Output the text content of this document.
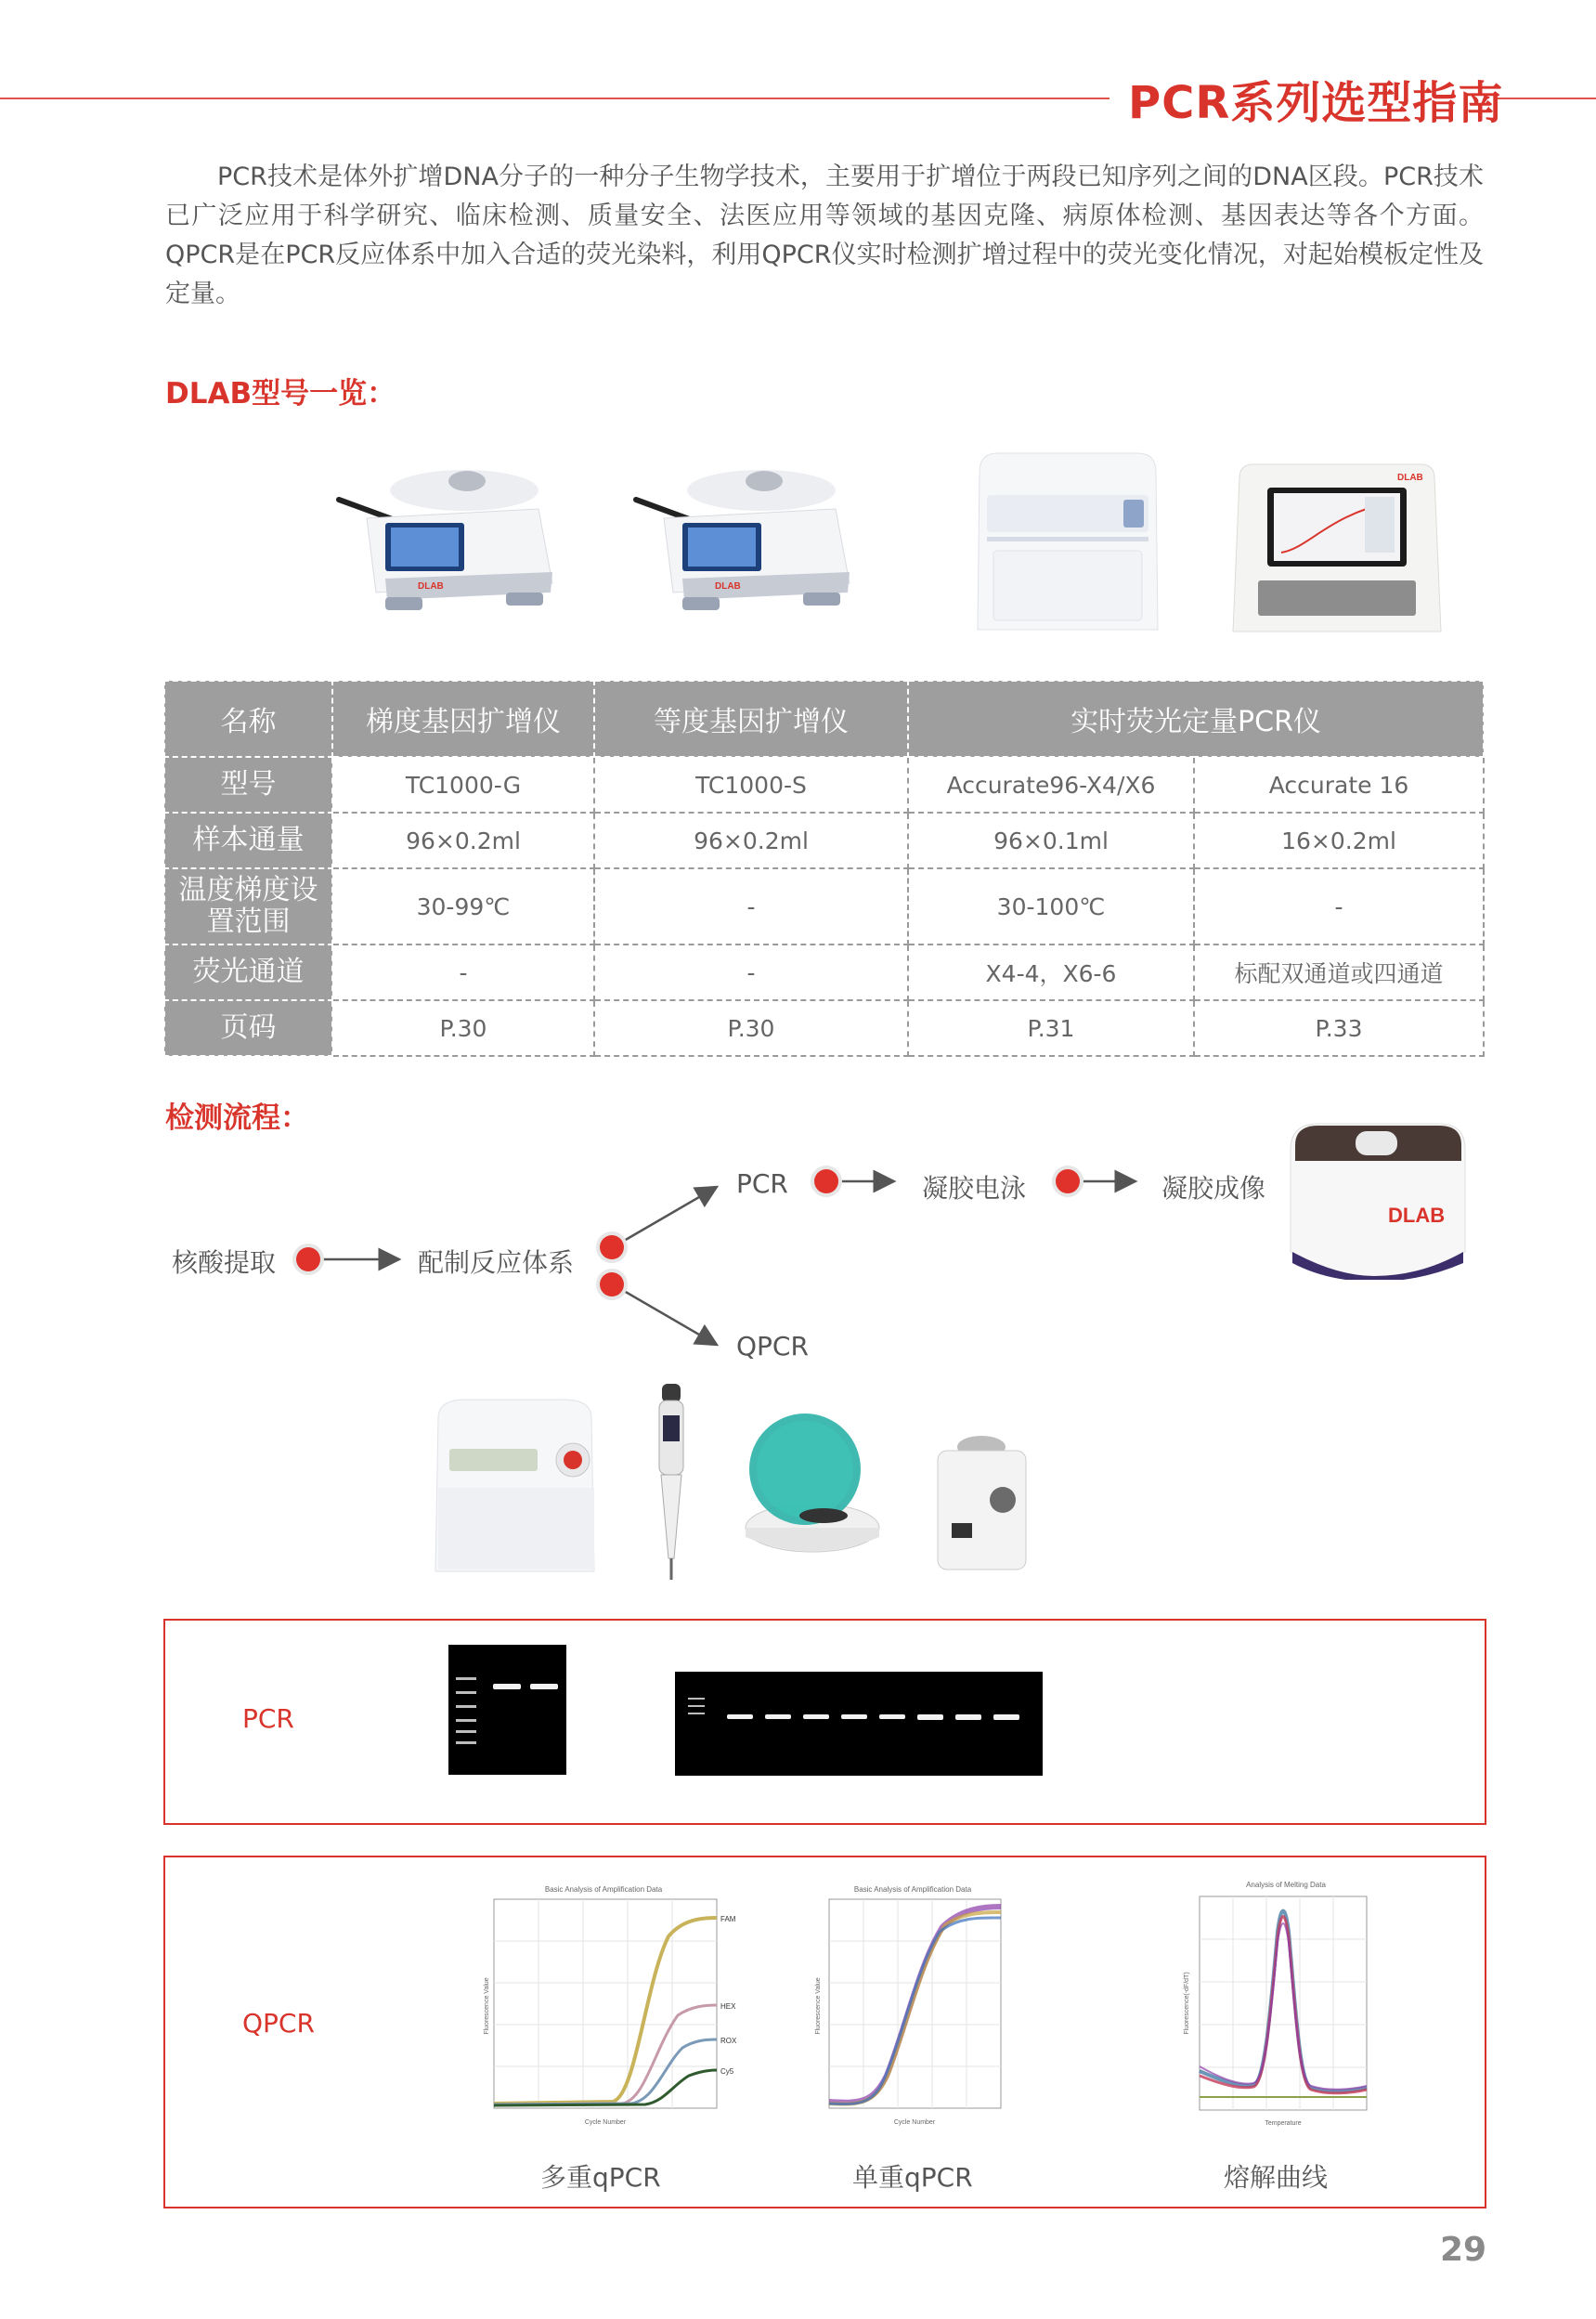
PCR系列选型指南

PCR技术是体外扩增DNA分子的一种分子生物学技术，主要用于扩增位于两段已知序列之间的DNA区段。PCR技术已广泛应用于科学研究、临床检测、质量安全、法医应用等领域的基因克隆、病原体检测、基因表达等各个方面。QPCR是在PCR反应体系中加入合适的荧光染料，利用QPCR仪实时检测扩增过程中的荧光变化情况，对起始模板定性及定量。

DLAB型号一览：
DLAB	DLAB
DLAB
名称	梯度基因扩增仪	等度基因扩增仪	实时荧光定量PCR仪	
型号	TC1000-G	TC1000-S	Accurate96-X4/X6	Accurate 16
样本通量	96×0.2ml	96×0.2ml	96×0.1ml	16×0.2ml
温度梯度设置范围	30-99℃	-	30-100℃	-
荧光通道	-	-	X4-4，X6-6	标配双通道或四通道
页码	P.30	P.30	P.31	P.33
检测流程：
核酸提取	配制反应体系
PCR	凝胶电泳	凝胶成像
QPCR
DLAB
PCR
QPCR
Basic Analysis of Amplification Data
FAM
HEX
ROX
Cy5
Cycle Number
Fluorescence Value
多重qPCR
Basic Analysis of Amplification Data
Cycle Number
Fluorescence Value
单重qPCR
Analysis of Melting Data
Temperature
Fluorescence(-dF/dT)
熔解曲线
29
